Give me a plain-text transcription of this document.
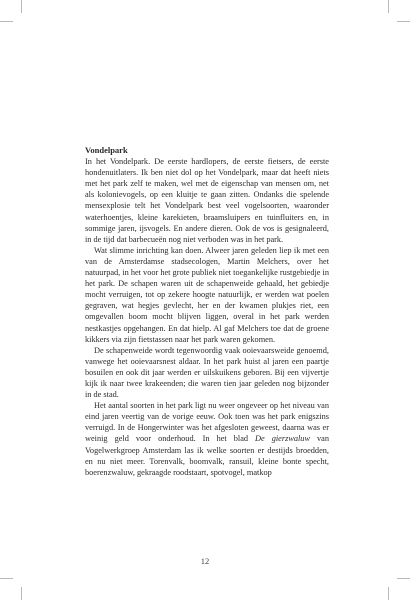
Vondelpark

In het Vondelpark. De eerste hardlopers, de eerste fietsers, de eerste hondenuitlaters. Ik ben niet dol op het Vondelpark, maar dat heeft niets met het park zelf te maken, wel met de eigenschap van mensen om, net als kolonievogels, op een kluitje te gaan zitten. Ondanks die spelende mensexplosie telt het Vondelpark best veel vogelsoorten, waaronder waterhoentjes, kleine karekieten, braamsluipers en tuinfluiters en, in sommige jaren, ijsvogels. En andere dieren. Ook de vos is gesignaleerd, in de tijd dat barbecueën nog niet verboden was in het park.

Wat slimme inrichting kan doen. Alweer jaren geleden liep ik met een van de Amsterdamse stadsecologen, Martin Melchers, over het natuurpad, in het voor het grote publiek niet toegankelijke rustgebiedje in het park. De schapen waren uit de schapenweide gehaald, het gebiedje mocht verruigen, tot op zekere hoogte natuurlijk, er werden wat poelen gegraven, wat hegjes gevlecht, her en der kwamen plukjes riet, een omgevallen boom mocht blijven liggen, overal in het park werden nestkastjes opgehangen. En dat hielp. Al gaf Melchers toe dat de groene kikkers via zijn fietstassen naar het park waren gekomen.

De schapenweide wordt tegenwoordig vaak ooievaarsweide genoemd, vanwege het ooievaarsnest aldaar. In het park huist al jaren een paartje bosuilen en ook dit jaar werden er uilskuikens geboren. Bij een vijvertje kijk ik naar twee krakeenden; die waren tien jaar geleden nog bijzonder in de stad.

Het aantal soorten in het park ligt nu weer ongeveer op het niveau van eind jaren veertig van de vorige eeuw. Ook toen was het park enigszins verruigd. In de Hongerwinter was het afgesloten geweest, daarna was er weinig geld voor onderhoud. In het blad De gierzwaluw van Vogelwerkgroep Amsterdam las ik welke soorten er destijds broedden, en nu niet meer. Torenvalk, boomvalk, ransuil, kleine bonte specht, boerenzwaluw, gekraagde roodstaart, spotvogel, matkop

12
